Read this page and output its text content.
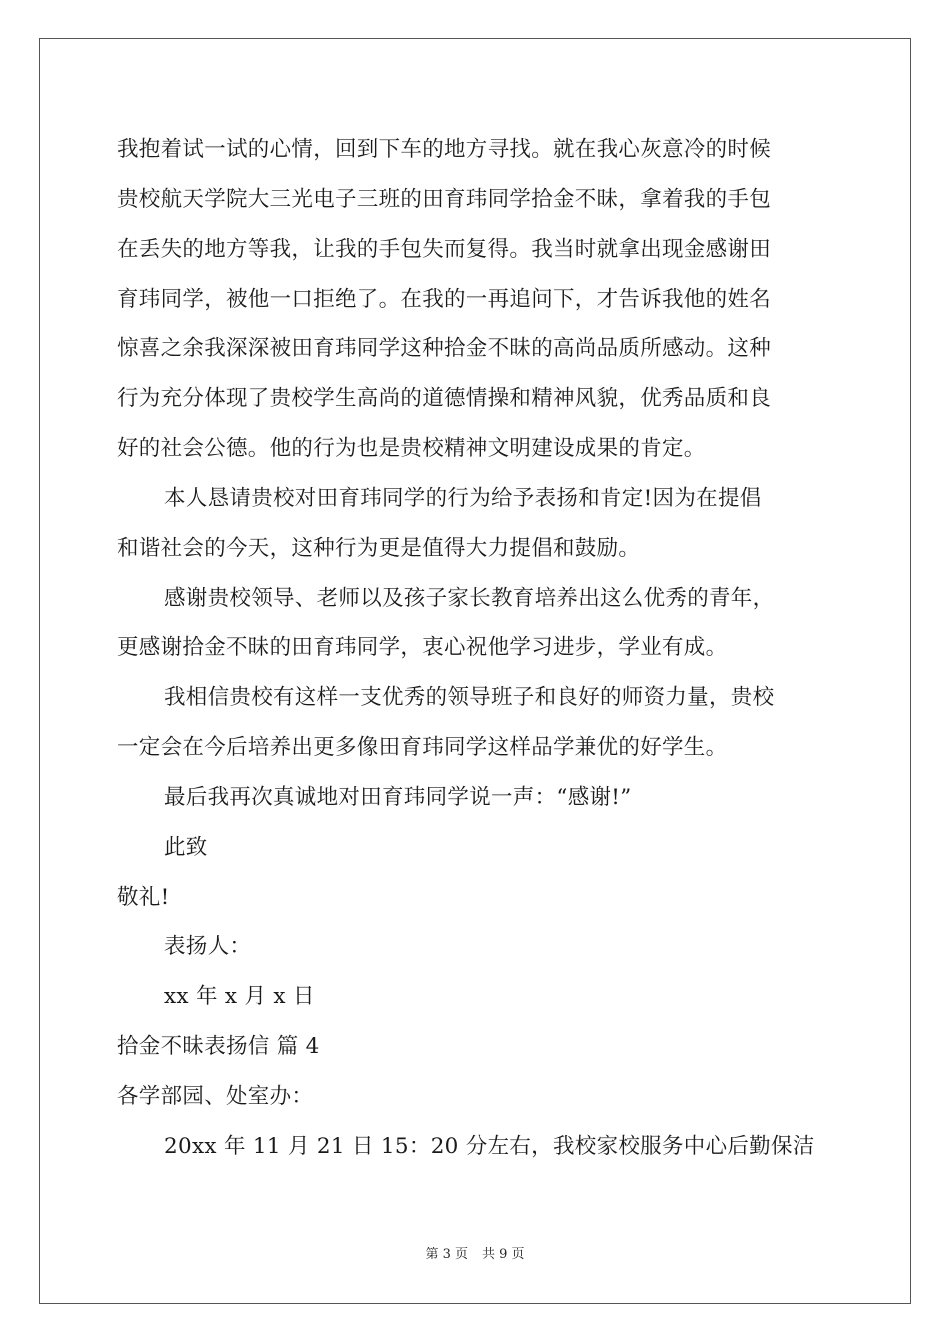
我抱着试一试的心情，回到下车的地方寻找。就在我心灰意冷的时候
贵校航天学院大三光电子三班的田育玮同学拾金不昧，拿着我的手包
在丢失的地方等我，让我的手包失而复得。我当时就拿出现金感谢田
育玮同学，被他一口拒绝了。在我的一再追问下，才告诉我他的姓名
惊喜之余我深深被田育玮同学这种拾金不昧的高尚品质所感动。这种
行为充分体现了贵校学生高尚的道德情操和精神风貌，优秀品质和良
好的社会公德。他的行为也是贵校精神文明建设成果的肯定。
本人恳请贵校对田育玮同学的行为给予表扬和肯定!因为在提倡
和谐社会的今天，这种行为更是值得大力提倡和鼓励。
感谢贵校领导、老师以及孩子家长教育培养出这么优秀的青年，
更感谢拾金不昧的田育玮同学，衷心祝他学习进步，学业有成。
我相信贵校有这样一支优秀的领导班子和良好的师资力量，贵校
一定会在今后培养出更多像田育玮同学这样品学兼优的好学生。
最后我再次真诚地对田育玮同学说一声：“感谢!”
此致
敬礼!
表扬人：
xx 年 x 月 x 日
拾金不昧表扬信 篇 4
各学部园、处室办：
20xx 年 11 月 21 日 15：20 分左右，我校家校服务中心后勤保洁
第 3 页 共 9 页
